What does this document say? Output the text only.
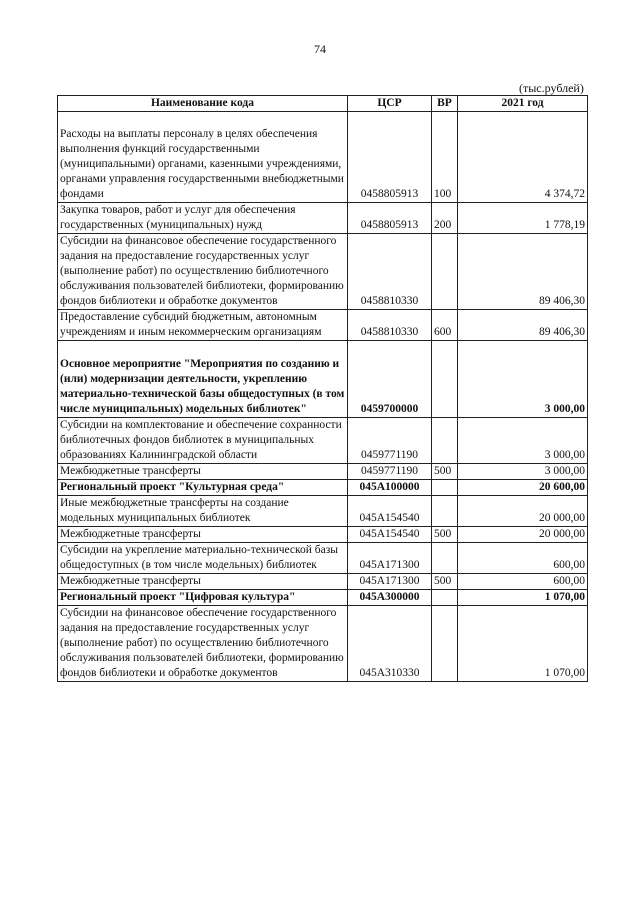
74
(тыс.рублей)
Наименование кода	ЦСР	ВР	2021 год
Расходы на выплаты персоналу в целях обеспечения выполнения функций государственными (муниципальными) органами, казенными учреждениями, органами управления государственными внебюджетными фондами	0458805913	100	4 374,72
Закупка товаров, работ и услуг для обеспечения государственных (муниципальных) нужд	0458805913	200	1 778,19
Субсидии на финансовое обеспечение государственного задания на предоставление государственных услуг (выполнение работ) по осуществлению библиотечного обслуживания пользователей библиотеки, формированию фондов библиотеки и обработке документов	0458810330		89 406,30
Предоставление субсидий бюджетным, автономным учреждениям и иным некоммерческим организациям	0458810330	600	89 406,30
Основное мероприятие "Мероприятия по созданию и (или) модернизации деятельности, укреплению материально-технической базы общедоступных (в том числе муниципальных) модельных библиотек"	0459700000		3 000,00
Субсидии на комплектование и обеспечение сохранности библиотечных фондов библиотек в муниципальных образованиях Калининградской области	0459771190		3 000,00
Межбюджетные трансферты	0459771190	500	3 000,00
Региональный проект "Культурная среда"	045А100000		20 600,00
Иные межбюджетные трансферты на создание модельных муниципальных библиотек	045А154540		20 000,00
Межбюджетные трансферты	045А154540	500	20 000,00
Субсидии на укрепление материально-технической базы общедоступных (в том числе модельных) библиотек	045А171300		600,00
Межбюджетные трансферты	045А171300	500	600,00
Региональный проект "Цифровая культура"	045А300000		1 070,00
Субсидии на финансовое обеспечение государственного задания на предоставление государственных услуг (выполнение работ) по осуществлению библиотечного обслуживания пользователей библиотеки, формированию фондов библиотеки и обработке документов	045А310330		1 070,00
